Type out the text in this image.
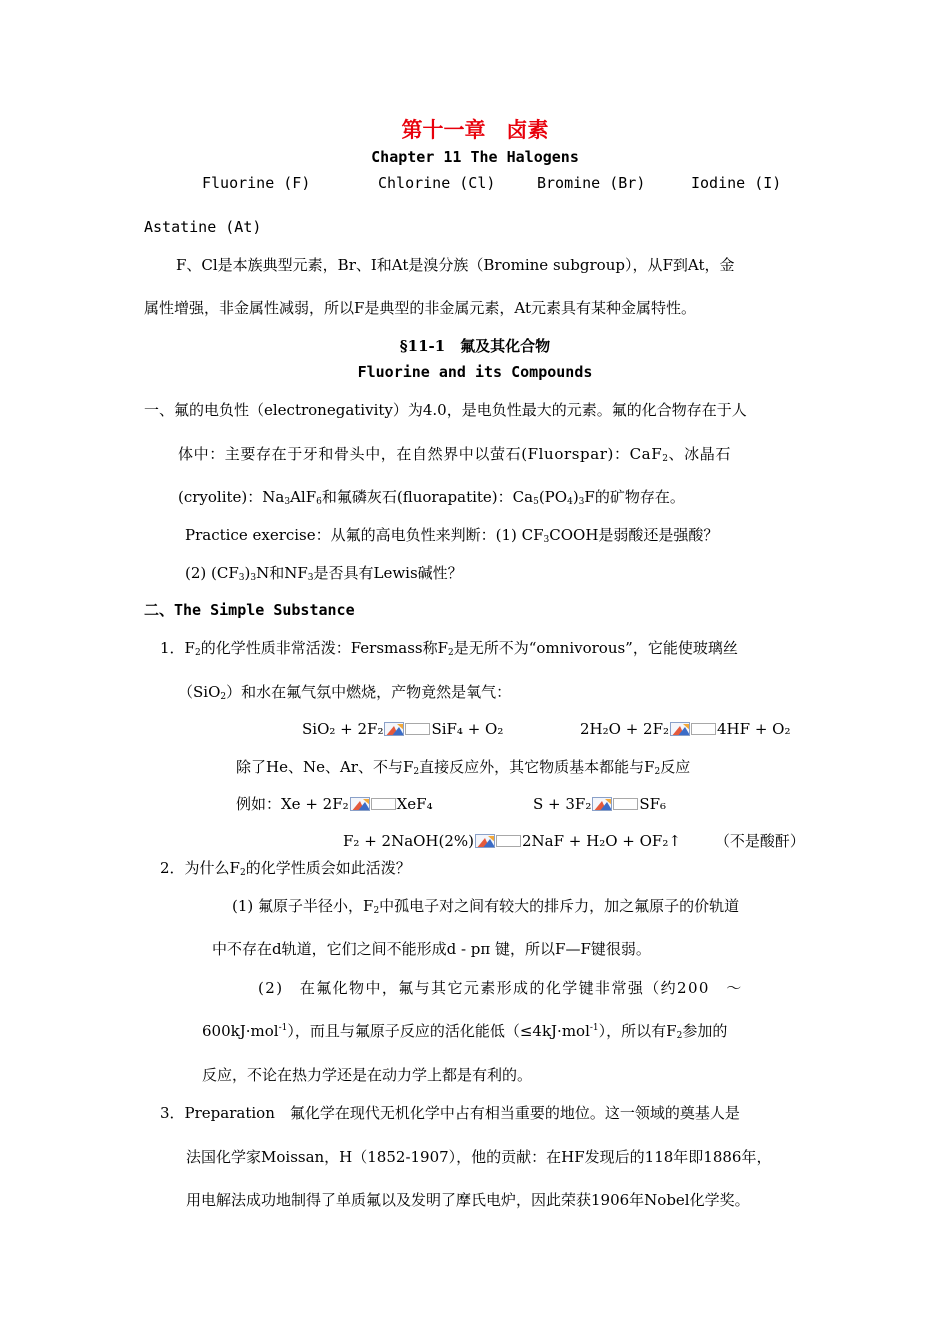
第十一章　卤素
Chapter 11 The Halogens
Fluorine (F)	Chlorine (Cl)	Bromine (Br)	Iodine (I)
Astatine (At)
F、Cl是本族典型元素，Br、I和At是溴分族（Bromine subgroup），从F到At，金
属性增强，非金属性减弱，所以F是典型的非金属元素，At元素具有某种金属特性。
§11-1　氟及其化合物
Fluorine and its Compounds
一、氟的电负性（electronegativity）为4.0，是电负性最大的元素。氟的化合物存在于人
体中：主要存在于牙和骨头中，在自然界中以萤石(Fluorspar)：CaF$_2$、冰晶石
(cryolite)：$Na_3AlF_6$和氟磷灰石(fluorapatite)：$Ca_5(PO_4)_3F$的矿物存在。
Practice exercise：从氟的高电负性来判断：(1) $CF_3COOH$是弱酸还是强酸？
(2) $(CF_3)_3N$和$NF_3$是否具有Lewis碱性？
二、The Simple Substance
1．$F_2$的化学性质非常活泼：Fersmass称$F_2$是无所不为“omnivorous”，它能使玻璃丝
（SiO$_2$）和水在氟气氛中燃烧，产物竟然是氧气：
SiO₂ + 2F₂	SiF₄ + O₂	2H₂O + 2F₂	4HF + O₂
除了He、Ne、Ar、不与$F_2$直接反应外，其它物质基本都能与$F_2$反应
例如：Xe + 2F₂	XeF₄	S + 3F₂	SF₆
F₂ + 2NaOH(2%)	2NaF + H₂O + OF₂↑ （不是酸酐）
2．为什么$F_2$的化学性质会如此活泼？
(1) 氟原子半径小，$F_2$中孤电子对之间有较大的排斥力，加之氟原子的价轨道
中不存在d轨道，它们之间不能形成d - pπ 键，所以F—F键很弱。
(2)　在氟化物中，氟与其它元素形成的化学键非常强（约200　～
600kJ·mol$^{-1}$），而且与氟原子反应的活化能低（≤4kJ·mol$^{-1}$），所以有$F_2$参加的
反应，不论在热力学还是在动力学上都是有利的。
3．Preparation　氟化学在现代无机化学中占有相当重要的地位。这一领域的奠基人是
法国化学家Moissan，H（1852-1907），他的贡献：在HF发现后的118年即1886年，
用电解法成功地制得了单质氟以及发明了摩氏电炉，因此荣获1906年Nobel化学奖。
